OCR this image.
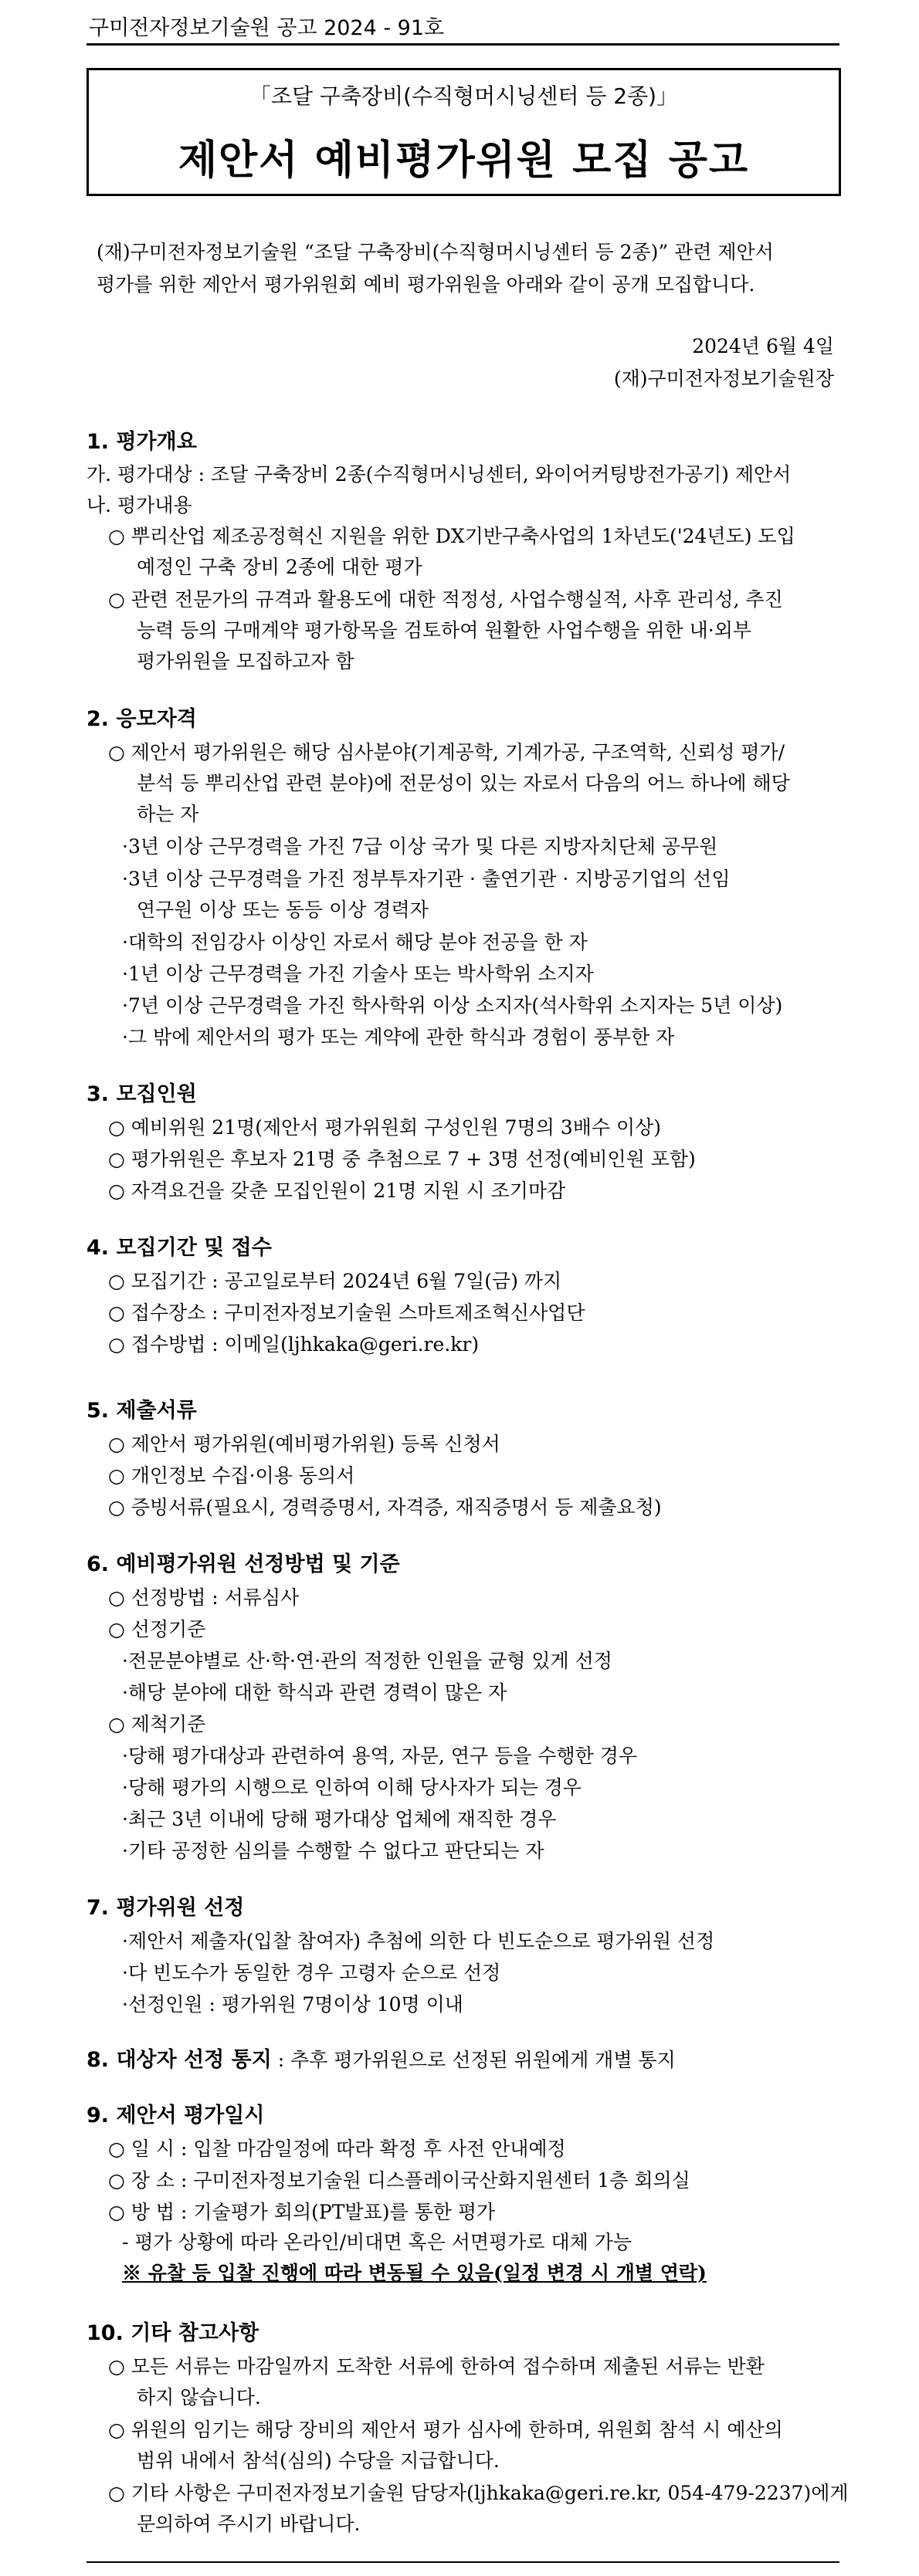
구미전자정보기술원 공고 2024 - 91호
「조달 구축장비(수직형머시닝센터 등 2종)」
제안서 예비평가위원 모집 공고
(재)구미전자정보기술원 “조달 구축장비(수직형머시닝센터 등 2종)” 관련 제안서
평가를 위한 제안서 평가위원회 예비 평가위원을 아래와 같이 공개 모집합니다.
2024년 6월 4일
(재)구미전자정보기술원장
1. 평가개요
가. 평가대상 : 조달 구축장비 2종(수직형머시닝센터, 와이어커팅방전가공기) 제안서
나. 평가내용
○ 뿌리산업 제조공정혁신 지원을 위한 DX기반구축사업의 1차년도('24년도) 도입
예정인 구축 장비 2종에 대한 평가
○ 관련 전문가의 규격과 활용도에 대한 적정성, 사업수행실적, 사후 관리성, 추진
능력 등의 구매계약 평가항목을 검토하여 원활한 사업수행을 위한 내·외부
평가위원을 모집하고자 함
2. 응모자격
○ 제안서 평가위원은 해당 심사분야(기계공학, 기계가공, 구조역학, 신뢰성 평가/
분석 등 뿌리산업 관련 분야)에 전문성이 있는 자로서 다음의 어느 하나에 해당
하는 자
·3년 이상 근무경력을 가진 7급 이상 국가 및 다른 지방자치단체 공무원
·3년 이상 근무경력을 가진 정부투자기관 · 출연기관 · 지방공기업의 선임
연구원 이상 또는 동등 이상 경력자
·대학의 전임강사 이상인 자로서 해당 분야 전공을 한 자
·1년 이상 근무경력을 가진 기술사 또는 박사학위 소지자
·7년 이상 근무경력을 가진 학사학위 이상 소지자(석사학위 소지자는 5년 이상)
·그 밖에 제안서의 평가 또는 계약에 관한 학식과 경험이 풍부한 자
3. 모집인원
○ 예비위원 21명(제안서 평가위원회 구성인원 7명의 3배수 이상)
○ 평가위원은 후보자 21명 중 추첨으로 7 + 3명 선정(예비인원 포함)
○ 자격요건을 갖춘 모집인원이 21명 지원 시 조기마감
4. 모집기간 및 접수
○ 모집기간 : 공고일로부터 2024년 6월 7일(금) 까지
○ 접수장소 : 구미전자정보기술원 스마트제조혁신사업단
○ 접수방법 : 이메일(ljhkaka@geri.re.kr)
5. 제출서류
○ 제안서 평가위원(예비평가위원) 등록 신청서
○ 개인정보 수집·이용 동의서
○ 증빙서류(필요시, 경력증명서, 자격증, 재직증명서 등 제출요청)
6. 예비평가위원 선정방법 및 기준
○ 선정방법 : 서류심사
○ 선정기준
·전문분야별로 산·학·연·관의 적정한 인원을 균형 있게 선정
·해당 분야에 대한 학식과 관련 경력이 많은 자
○ 제척기준
·당해 평가대상과 관련하여 용역, 자문, 연구 등을 수행한 경우
·당해 평가의 시행으로 인하여 이해 당사자가 되는 경우
·최근 3년 이내에 당해 평가대상 업체에 재직한 경우
·기타 공정한 심의를 수행할 수 없다고 판단되는 자
7. 평가위원 선정
·제안서 제출자(입찰 참여자) 추첨에 의한 다 빈도순으로 평가위원 선정
·다 빈도수가 동일한 경우 고령자 순으로 선정
·선정인원 : 평가위원 7명이상 10명 이내
8. 대상자 선정 통지 : 추후 평가위원으로 선정된 위원에게 개별 통지
9. 제안서 평가일시
○ 일 시 : 입찰 마감일정에 따라 확정 후 사전 안내예정
○ 장 소 : 구미전자정보기술원 디스플레이국산화지원센터 1층 회의실
○ 방 법 : 기술평가 회의(PT발표)를 통한 평가
- 평가 상황에 따라 온라인/비대면 혹은 서면평가로 대체 가능
※ 유찰 등 입찰 진행에 따라 변동될 수 있음(일정 변경 시 개별 연락)
10. 기타 참고사항
○ 모든 서류는 마감일까지 도착한 서류에 한하여 접수하며 제출된 서류는 반환
하지 않습니다.
○ 위원의 임기는 해당 장비의 제안서 평가 심사에 한하며, 위원회 참석 시 예산의
범위 내에서 참석(심의) 수당을 지급합니다.
○ 기타 사항은 구미전자정보기술원 담당자(ljhkaka@geri.re.kr, 054-479-2237)에게
문의하여 주시기 바랍니다.
